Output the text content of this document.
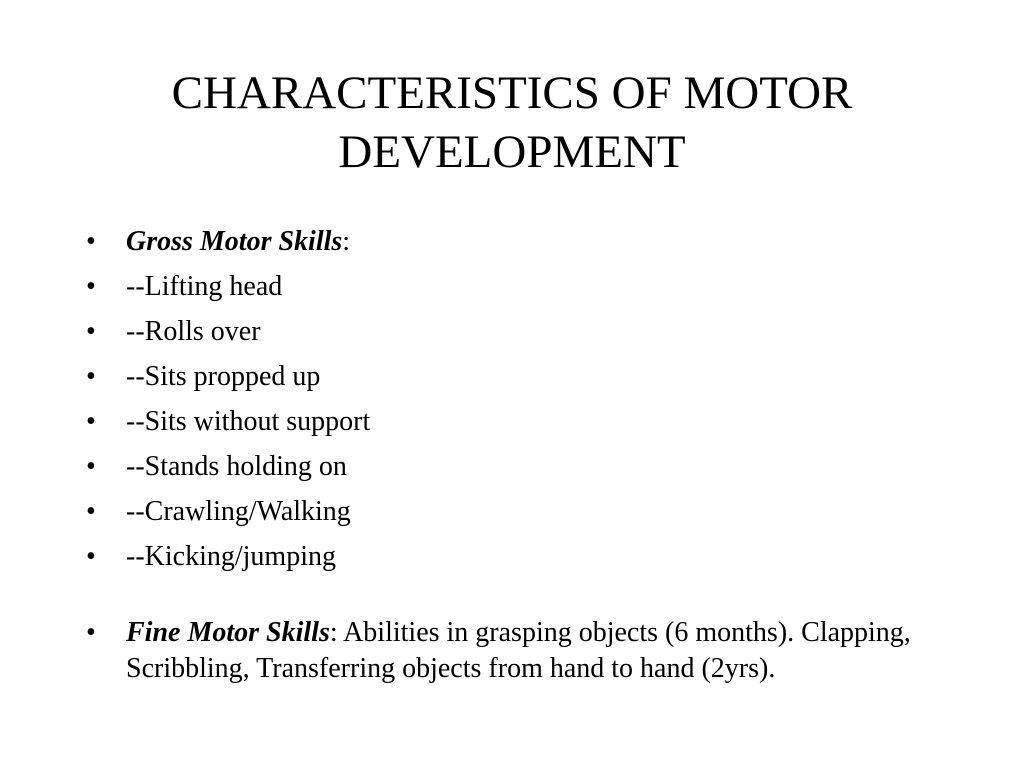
CHARACTERISTICS OF MOTOR DEVELOPMENT
•	Gross Motor Skills:
•	--Lifting head
•	--Rolls over
•	--Sits propped up
•	--Sits without support
•	--Stands holding on
•	--Crawling/Walking
•	--Kicking/jumping
•	Fine Motor Skills: Abilities in grasping objects (6 months). Clapping, Scribbling, Transferring objects from hand to hand (2yrs).
